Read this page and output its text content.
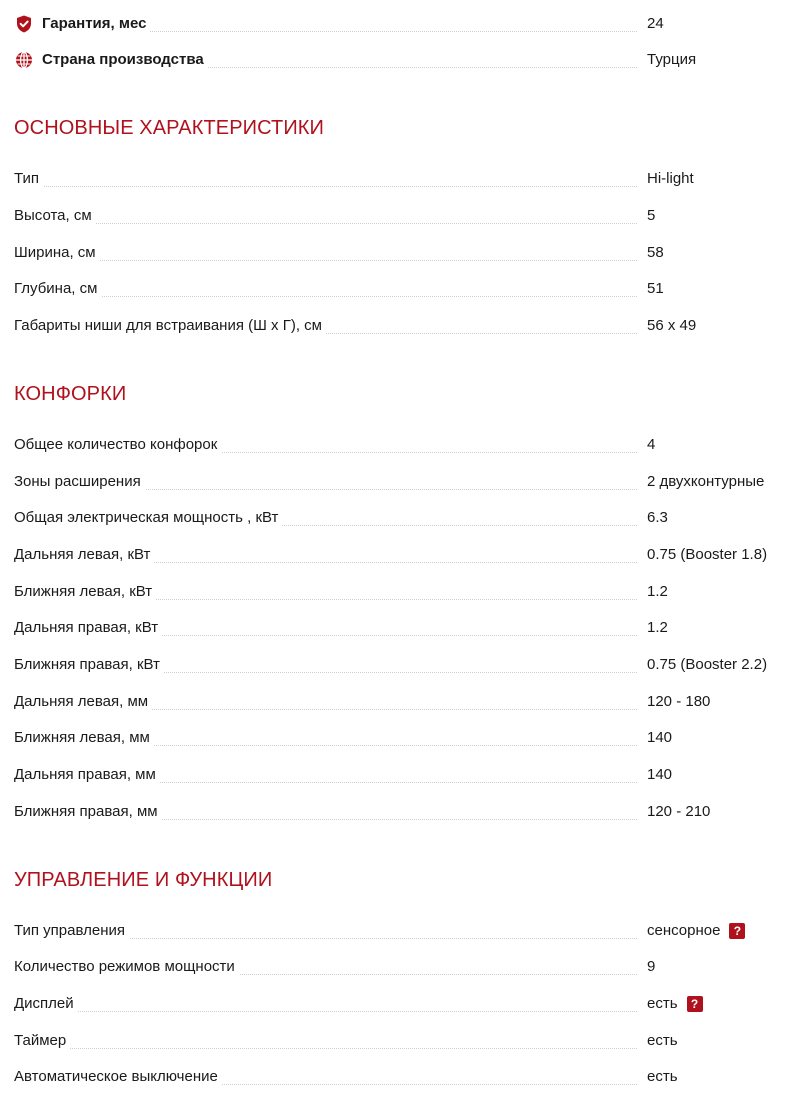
Гарантия, мес	24
Страна производства	Турция
ОСНОВНЫЕ ХАРАКТЕРИСТИКИ
Тип	Hi-light
Высота, см	5
Ширина, см	58
Глубина, см	51
Габариты ниши для встраивания (Ш х Г), см	56 x 49
КОНФОРКИ
Общее количество конфорок	4
Зоны расширения	2 двухконтурные
Общая электрическая мощность , кВт	6.3
Дальняя левая, кВт	0.75 (Booster 1.8)
Ближняя левая, кВт	1.2
Дальняя правая, кВт	1.2
Ближняя правая, кВт	0.75 (Booster 2.2)
Дальняя левая, мм	120 - 180
Ближняя левая, мм	140
Дальняя правая, мм	140
Ближняя правая, мм	120 - 210
УПРАВЛЕНИЕ И ФУНКЦИИ
Тип управления	сенсорное	?
Количество режимов мощности	9
Дисплей	есть	?
Таймер	есть
Автоматическое выключение	есть
